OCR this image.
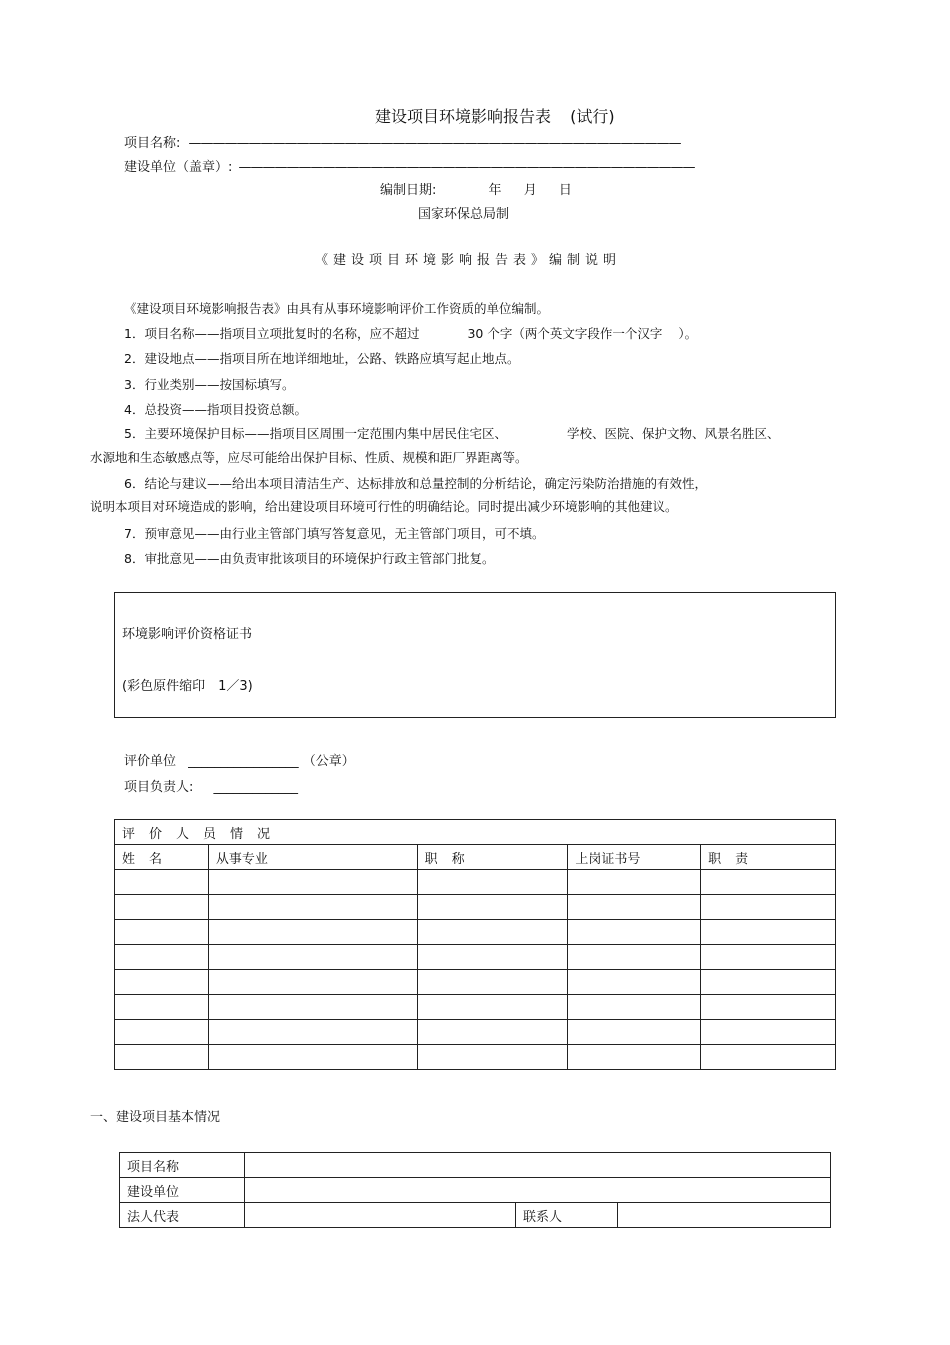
建设项目环境影响报告表 (试行)
项目名称: —————————————————————————————————————————
建设单位（盖章）: ——————————————————————————————————————
编制日期:	年 月 日
国家环保总局制
《建设项目环境影响报告表》编制说明
《建设项目环境影响报告表》由具有从事环境影响评价工作资质的单位编制。
1．项目名称——指项目立项批复时的名称，应不超过	30 个字（两个英文字段作一个汉字 ）。
2．建设地点——指项目所在地详细地址，公路、铁路应填写起止地点。
3．行业类别——按国标填写。
4．总投资——指项目投资总额。
5．主要环境保护目标——指项目区周围一定范围内集中居民住宅区、	学校、医院、保护文物、风景名胜区、
水源地和生态敏感点等，应尽可能给出保护目标、性质、规模和距厂界距离等。
6．结论与建议——给出本项目清洁生产、达标排放和总量控制的分析结论，确定污染防治措施的有效性，
说明本项目对环境造成的影响，给出建设项目环境可行性的明确结论。同时提出减少环境影响的其他建议。
7．预审意见——由行业主管部门填写答复意见，无主管部门项目，可不填。
8．审批意见——由负责审批该项目的环境保护行政主管部门批复。
环境影响评价资格证书
(彩色原件缩印　1／3)
评价单位 _________________ （公章）
项目负责人: _____________
评价人员情况				
姓名	从事专业	职称	上岗证书号	职责

一、建设项目基本情况
项目名称			
建设单位			
法人代表		联系人	
